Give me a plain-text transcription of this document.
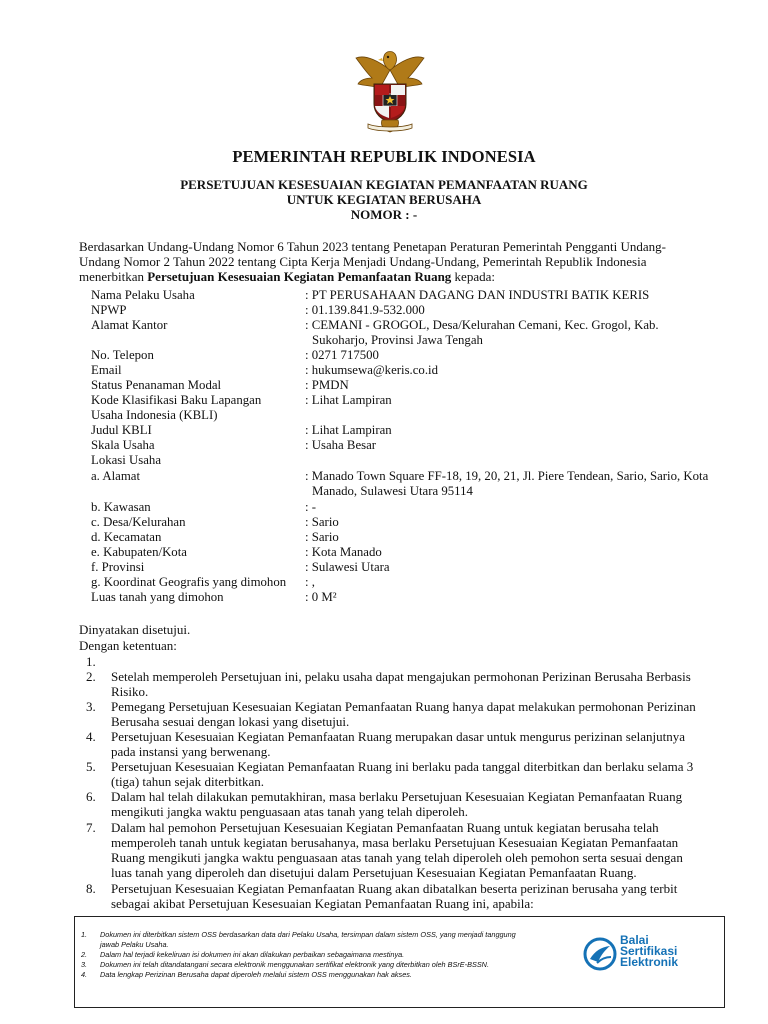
PEMERINTAH REPUBLIK INDONESIA
PERSETUJUAN KESESUAIAN KEGIATAN PEMANFAATAN RUANG
UNTUK KEGIATAN BERUSAHA
NOMOR : -
Berdasarkan Undang-Undang Nomor 6 Tahun 2023 tentang Penetapan Peraturan Pemerintah Pengganti Undang-
Undang Nomor 2 Tahun 2022 tentang Cipta Kerja Menjadi Undang-Undang, Pemerintah Republik Indonesia
menerbitkan Persetujuan Kesesuaian Kegiatan Pemanfaatan Ruang kepada:
Nama Pelaku Usaha	: PT PERUSAHAAN DAGANG DAN INDUSTRI BATIK KERIS
NPWP	: 01.139.841.9-532.000
Alamat Kantor	: CEMANI - GROGOL, Desa/Kelurahan Cemani, Kec. Grogol, Kab.
Sukoharjo, Provinsi Jawa Tengah
No. Telepon	: 0271 717500
Email	: hukumsewa@keris.co.id
Status Penanaman Modal	: PMDN
Kode Klasifikasi Baku Lapangan	: Lihat Lampiran
Usaha Indonesia (KBLI)
Judul KBLI	: Lihat Lampiran
Skala Usaha	: Usaha Besar
Lokasi Usaha
a. Alamat	: Manado Town Square FF-18, 19, 20, 21, Jl. Piere Tendean, Sario, Sario, Kota
Manado, Sulawesi Utara 95114
b. Kawasan	: -
c. Desa/Kelurahan	: Sario
d. Kecamatan	: Sario
e. Kabupaten/Kota	: Kota Manado
f. Provinsi	: Sulawesi Utara
g. Koordinat Geografis yang dimohon	: ,
Luas tanah yang dimohon	: 0 M²
Dinyatakan disetujui.
Dengan ketentuan:
1.
2. Setelah memperoleh Persetujuan ini, pelaku usaha dapat mengajukan permohonan Perizinan Berusaha Berbasis
Risiko.
3. Pemegang Persetujuan Kesesuaian Kegiatan Pemanfaatan Ruang hanya dapat melakukan permohonan Perizinan
Berusaha sesuai dengan lokasi yang disetujui.
4. Persetujuan Kesesuaian Kegiatan Pemanfaatan Ruang merupakan dasar untuk mengurus perizinan selanjutnya
pada instansi yang berwenang.
5. Persetujuan Kesesuaian Kegiatan Pemanfaatan Ruang ini berlaku pada tanggal diterbitkan dan berlaku selama 3
(tiga) tahun sejak diterbitkan.
6. Dalam hal telah dilakukan pemutakhiran, masa berlaku Persetujuan Kesesuaian Kegiatan Pemanfaatan Ruang
mengikuti jangka waktu penguasaan atas tanah yang telah diperoleh.
7. Dalam hal pemohon Persetujuan Kesesuaian Kegiatan Pemanfaatan Ruang untuk kegiatan berusaha telah
memperoleh tanah untuk kegiatan berusahanya, masa berlaku Persetujuan Kesesuaian Kegiatan Pemanfaatan
Ruang mengikuti jangka waktu penguasaan atas tanah yang telah diperoleh oleh pemohon serta sesuai dengan
luas tanah yang diperoleh dan disetujui dalam Persetujuan Kesesuaian Kegiatan Pemanfaatan Ruang.
8. Persetujuan Kesesuaian Kegiatan Pemanfaatan Ruang akan dibatalkan beserta perizinan berusaha yang terbit
sebagai akibat Persetujuan Kesesuaian Kegiatan Pemanfaatan Ruang ini, apabila:
1. Dokumen ini diterbitkan sistem OSS berdasarkan data dari Pelaku Usaha, tersimpan dalam sistem OSS, yang menjadi tanggung
jawab Pelaku Usaha.
2. Dalam hal terjadi kekeliruan isi dokumen ini akan dilakukan perbaikan sebagaimana mestinya.
3. Dokumen ini telah ditandatangani secara elektronik menggunakan sertifikat elektronik yang diterbitkan oleh BSrE-BSSN.
4. Data lengkap Perizinan Berusaha dapat diperoleh melalui sistem OSS menggunakan hak akses.
Balai
Sertifikasi
Elektronik
